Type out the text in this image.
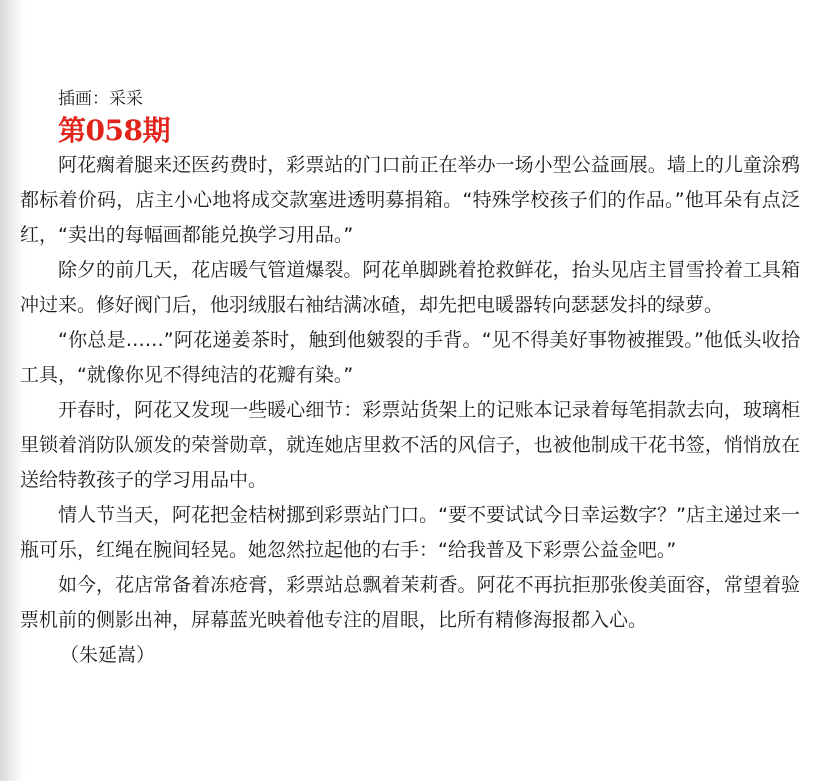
插画：采采
第058期

阿花瘸着腿来还医药费时，彩票站的门口前正在举办一场小型公益画展。墙上的儿童涂鸦都标着价码，店主小心地将成交款塞进透明募捐箱。“特殊学校孩子们的作品。”他耳朵有点泛红，“卖出的每幅画都能兑换学习用品。”

除夕的前几天，花店暖气管道爆裂。阿花单脚跳着抢救鲜花，抬头见店主冒雪拎着工具箱冲过来。修好阀门后，他羽绒服右袖结满冰碴，却先把电暖器转向瑟瑟发抖的绿萝。

“你总是……”阿花递姜茶时，触到他皴裂的手背。“见不得美好事物被摧毁。”他低头收拾工具，“就像你见不得纯洁的花瓣有染。”

开春时，阿花又发现一些暖心细节：彩票站货架上的记账本记录着每笔捐款去向，玻璃柜里锁着消防队颁发的荣誉勋章，就连她店里救不活的风信子，也被他制成干花书签，悄悄放在送给特教孩子的学习用品中。

情人节当天，阿花把金桔树挪到彩票站门口。“要不要试试今日幸运数字？”店主递过来一瓶可乐，红绳在腕间轻晃。她忽然拉起他的右手：“给我普及下彩票公益金吧。”

如今，花店常备着冻疮膏，彩票站总飘着茉莉香。阿花不再抗拒那张俊美面容，常望着验票机前的侧影出神，屏幕蓝光映着他专注的眉眼，比所有精修海报都入心。

（朱延嵩）
